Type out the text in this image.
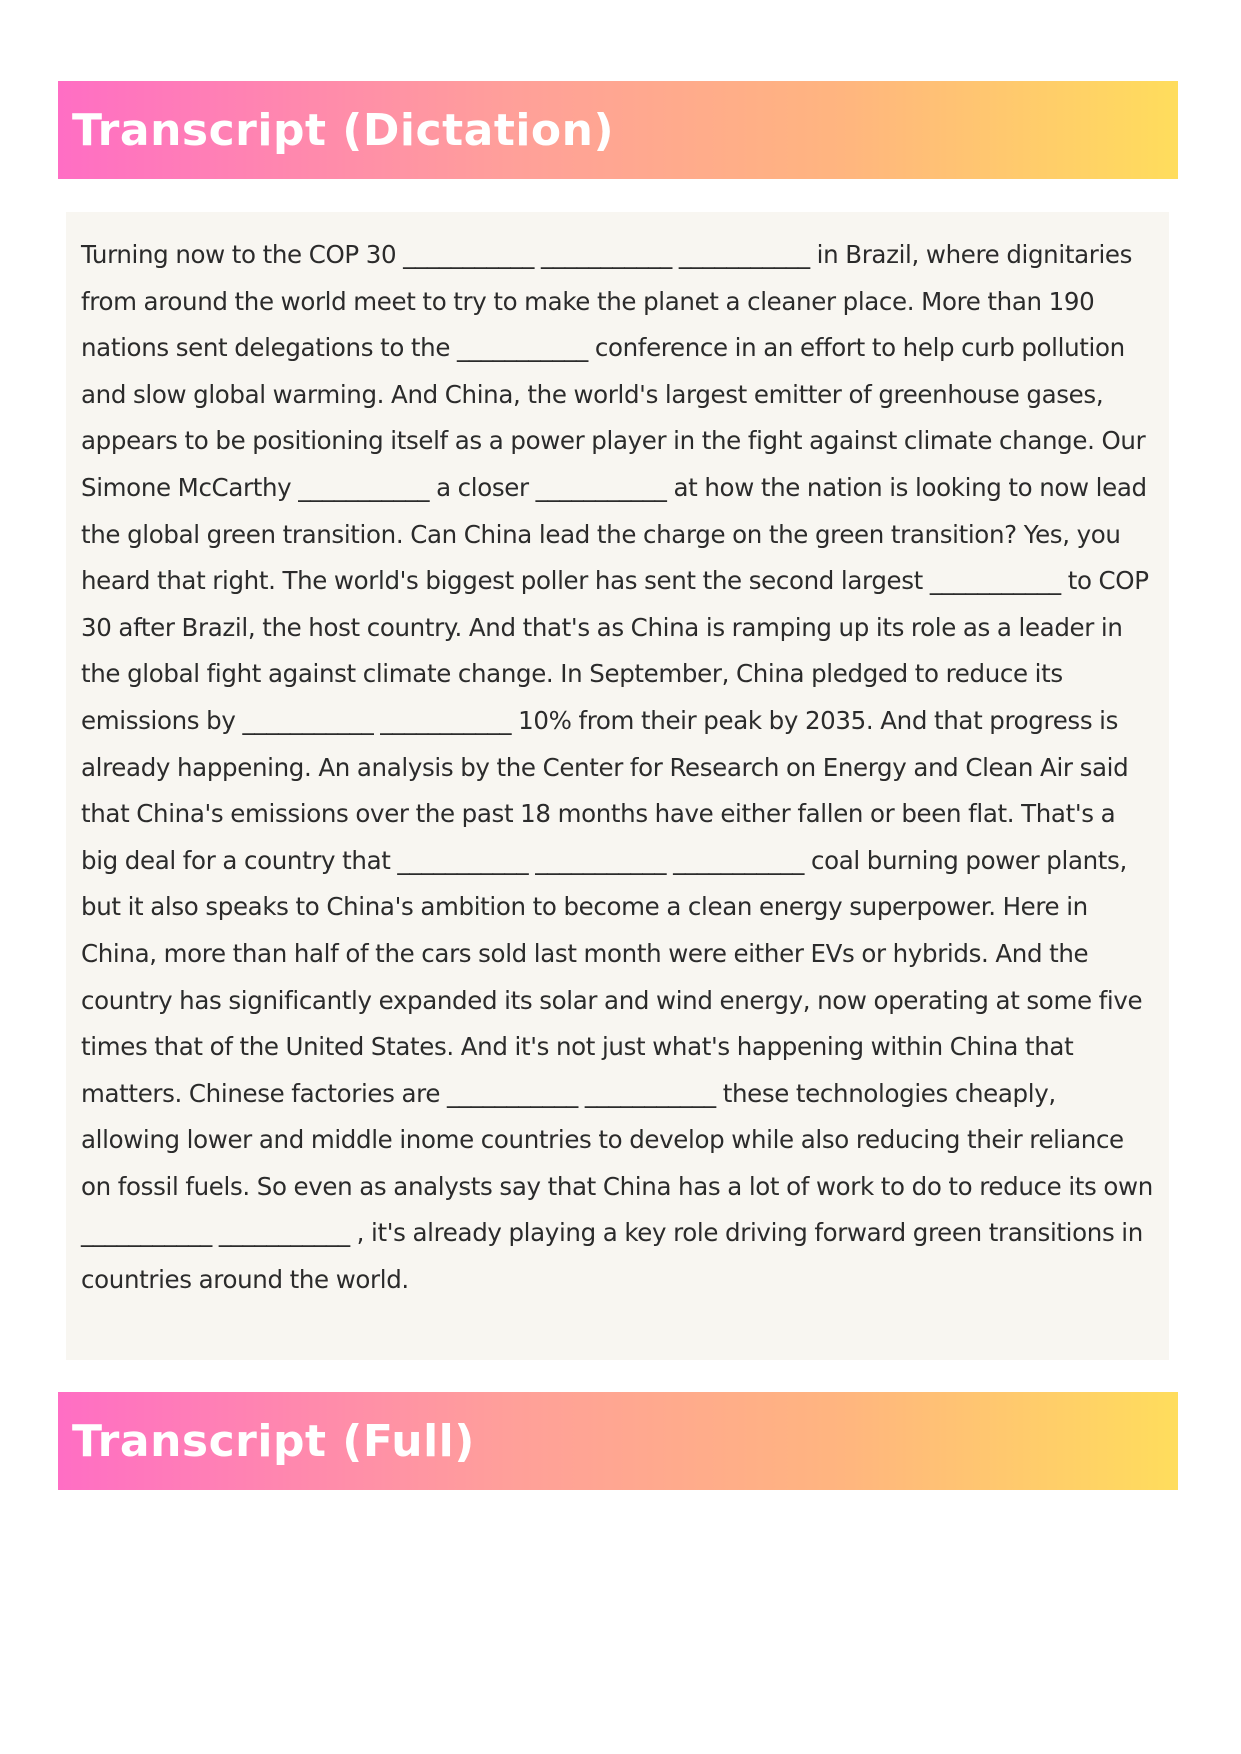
Transcript (Dictation)

Turning now to the COP 30 ___________ ___________ ___________ in Brazil, where dignitaries from around the world meet to try to make the planet a cleaner place. More than 190 nations sent delegations to the ___________ conference in an effort to help curb pollution and slow global warming. And China, the world's largest emitter of greenhouse gases, appears to be positioning itself as a power player in the fight against climate change. Our Simone McCarthy ___________ a closer ___________ at how the nation is looking to now lead the global green transition. Can China lead the charge on the green transition? Yes, you heard that right. The world's biggest poller has sent the second largest ___________ to COP 30 after Brazil, the host country. And that's as China is ramping up its role as a leader in the global fight against climate change. In September, China pledged to reduce its emissions by ___________ ___________ 10% from their peak by 2035. And that progress is already happening. An analysis by the Center for Research on Energy and Clean Air said that China's emissions over the past 18 months have either fallen or been flat. That's a big deal for a country that ___________ ___________ ___________ coal burning power plants, but it also speaks to China's ambition to become a clean energy superpower. Here in China, more than half of the cars sold last month were either EVs or hybrids. And the country has significantly expanded its solar and wind energy, now operating at some five times that of the United States. And it's not just what's happening within China that matters. Chinese factories are ___________ ___________ these technologies cheaply, allowing lower and middle inome countries to develop while also reducing their reliance on fossil fuels. So even as analysts say that China has a lot of work to do to reduce its own ___________ ___________ , it's already playing a key role driving forward green transitions in countries around the world.

Transcript (Full)
